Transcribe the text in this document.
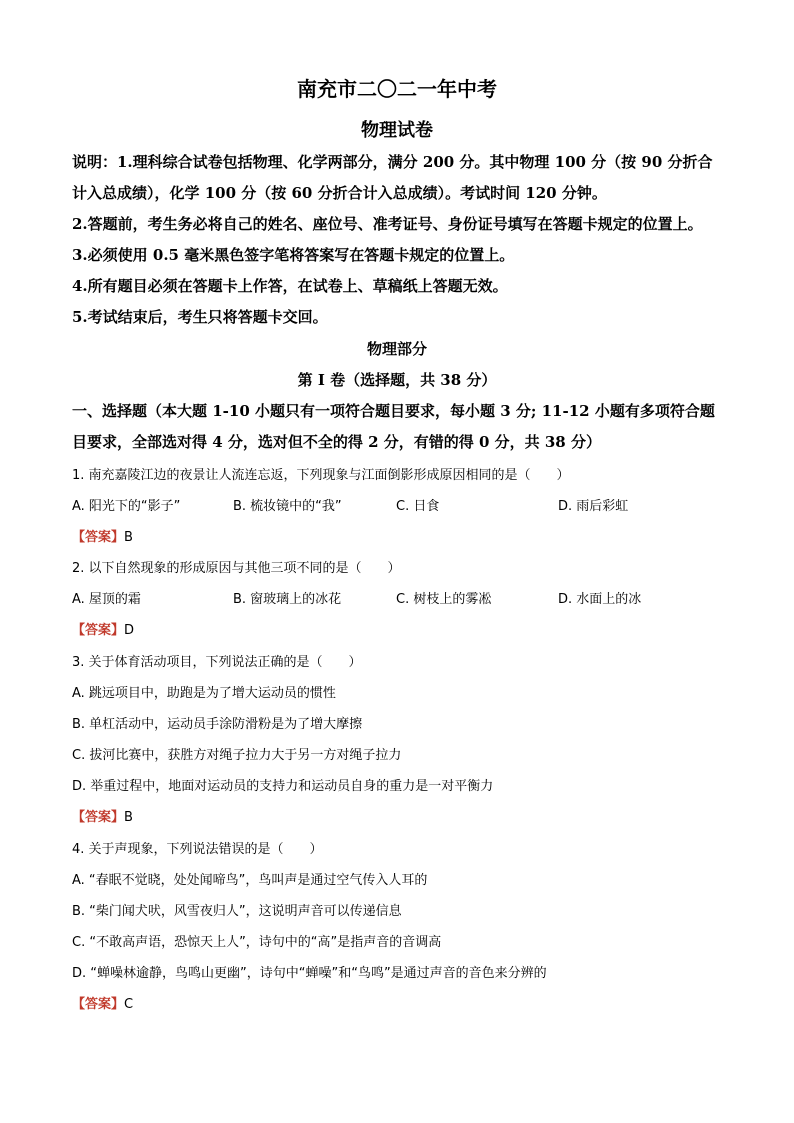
南充市二〇二一年中考
物理试卷
说明：1.理科综合试卷包括物理、化学两部分，满分 200 分。其中物理 100 分（按 90 分折合
计入总成绩），化学 100 分（按 60 分折合计入总成绩）。考试时间 120 分钟。
2.答题前，考生务必将自己的姓名、座位号、准考证号、身份证号填写在答题卡规定的位置上。
3.必须使用 0.5 毫米黑色签字笔将答案写在答题卡规定的位置上。
4.所有题目必须在答题卡上作答，在试卷上、草稿纸上答题无效。
5.考试结束后，考生只将答题卡交回。
物理部分
第 I 卷（选择题，共 38 分）
一、选择题（本大题 1-10 小题只有一项符合题目要求，每小题 3 分; 11-12 小题有多项符合题
目要求，全部选对得 4 分，选对但不全的得 2 分，有错的得 0 分，共 38 分）
1. 南充嘉陵江边的夜景让人流连忘返，下列现象与江面倒影形成原因相同的是（　　）
A. 阳光下的“影子”	B. 梳妆镜中的“我”	C. 日食	D. 雨后彩虹
【答案】B
2. 以下自然现象的形成原因与其他三项不同的是（　　）
A. 屋顶的霜	B. 窗玻璃上的冰花	C. 树枝上的雾凇	D. 水面上的冰
【答案】D
3. 关于体育活动项目，下列说法正确的是（　　）
A. 跳远项目中，助跑是为了增大运动员的惯性
B. 单杠活动中，运动员手涂防滑粉是为了增大摩擦
C. 拔河比赛中，获胜方对绳子拉力大于另一方对绳子拉力
D. 举重过程中，地面对运动员的支持力和运动员自身的重力是一对平衡力
【答案】B
4. 关于声现象，下列说法错误的是（　　）
A. “春眠不觉晓，处处闻啼鸟”，鸟叫声是通过空气传入人耳的
B. “柴门闻犬吠，风雪夜归人”，这说明声音可以传递信息
C. “不敢高声语，恐惊天上人”，诗句中的“高”是指声音的音调高
D. “蝉噪林逾静，鸟鸣山更幽”，诗句中“蝉噪”和“鸟鸣”是通过声音的音色来分辨的
【答案】C
